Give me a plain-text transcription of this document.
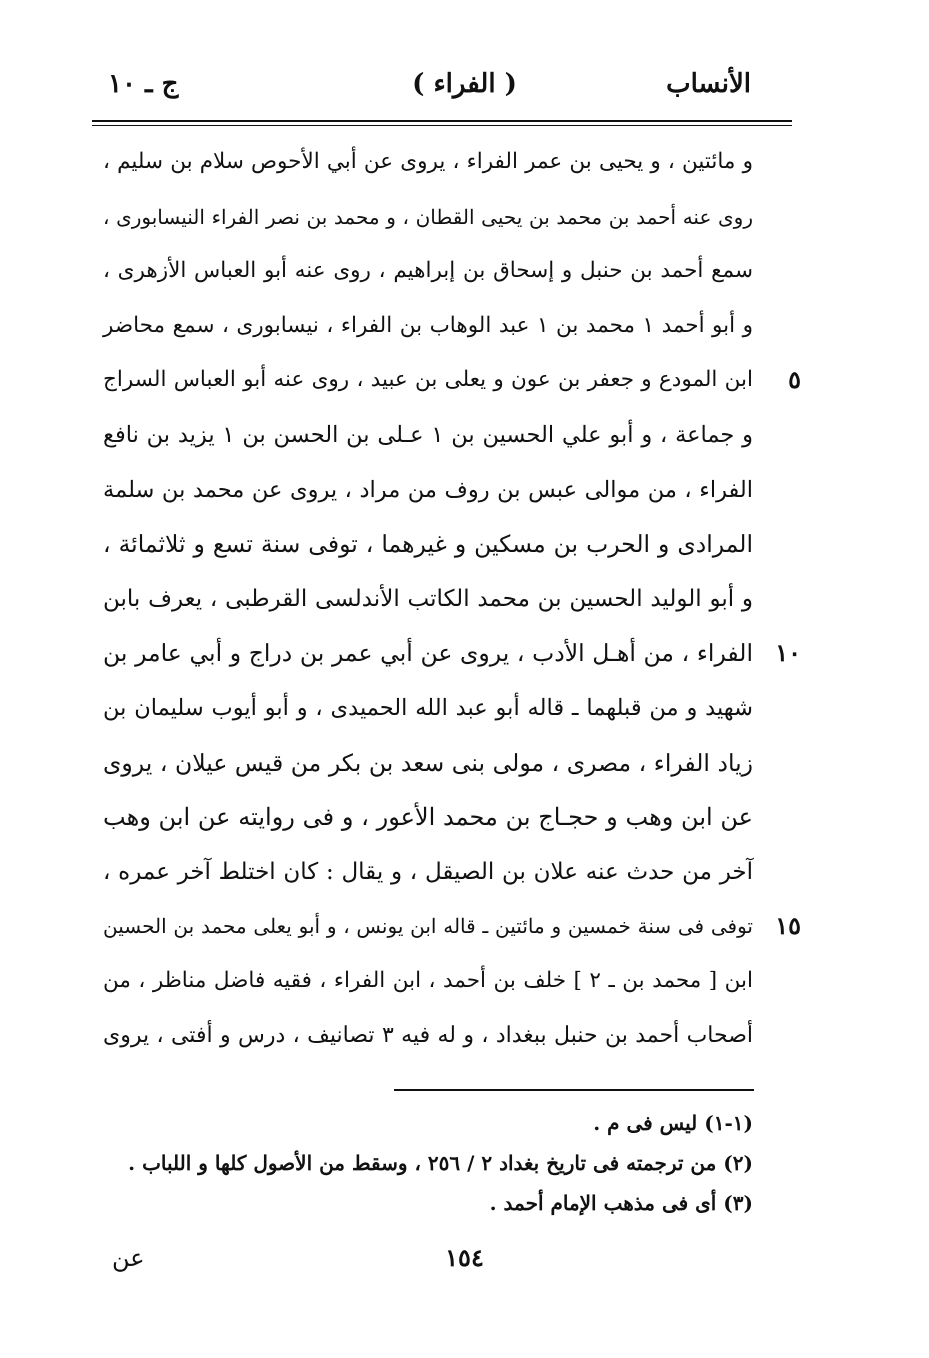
الأنساب
( الفراء )
ج ـ ١٠
و مائتين ، و يحيى بن عمر الفراء ، يروى عن أبي الأحوص سلام بن سليم ،
روى عنه أحمد بن محمد بن يحيى القطان ، و محمد بن نصر الفراء النيسابورى ،
سمع أحمد بن حنبل و إسحاق بن إبراهيم ، روى عنه أبو العباس الأزهرى ،
و أبو أحمد ١ محمد بن ١ عبد الوهاب بن الفراء ، نيسابورى ، سمع محاضر
٥
ابن المودع و جعفر بن عون و يعلى بن عبيد ، روى عنه أبو العباس السراج
و جماعة ، و أبو علي الحسين بن ١ عـلى بن الحسن بن ١ يزيد بن نافع
الفراء ، من موالى عبس بن روف من مراد ، يروى عن محمد بن سلمة
المرادى و الحرب بن مسكين و غيرهما ، توفى سنة تسع و ثلاثمائة ،
و أبو الوليد الحسين بن محمد الكاتب الأندلسى القرطبى ، يعرف بابن
١٠
الفراء ، من أهـل الأدب ، يروى عن أبي عمر بن دراج و أبي عامر بن
شهيد و من قبلهما ـ قاله أبو عبد الله الحميدى ، و أبو أيوب سليمان بن
زياد الفراء ، مصرى ، مولى بنى سعد بن بكر من قيس عيلان ، يروى
عن ابن وهب و حجـاج بن محمد الأعور ، و فى روايته عن ابن وهب
آخر من حدث عنه علان بن الصيقل ، و يقال : كان اختلط آخر عمره ،
١٥
توفى فى سنة خمسين و مائتين ـ قاله ابن يونس ، و أبو يعلى محمد بن الحسين
ابن [ محمد بن ـ ٢ ] خلف بن أحمد ، ابن الفراء ، فقيه فاضل مناظر ، من
أصحاب أحمد بن حنبل ببغداد ، و له فيه ٣ تصانيف ، درس و أفتى ، يروى
(١-١) ليس فى م .
(٢) من ترجمته فى تاريخ بغداد ٢ / ٢٥٦ ، وسقط من الأصول كلها و اللباب .
(٣) أى فى مذهب الإمام أحمد .
عن	١٥٤
